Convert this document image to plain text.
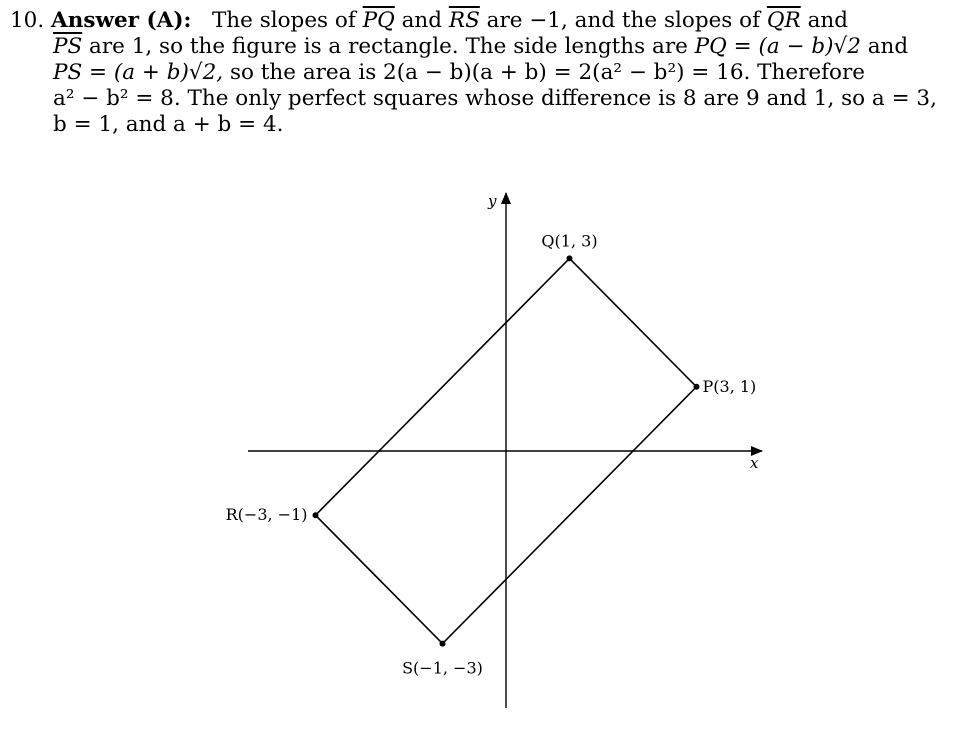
10. Answer (A): The slopes of $\overline{PQ}$ and $\overline{RS}$ are −1, and the slopes of $\overline{QR}$ and
$\overline{PS}$ are 1, so the figure is a rectangle. The side lengths are PQ = (a − b)√2 and
PS = (a + b)√2, so the area is 2(a − b)(a + b) = 2(a² − b²) = 16. Therefore
a² − b² = 8. The only perfect squares whose difference is 8 are 9 and 1, so a = 3,
b = 1, and a + b = 4.
x
y
P(3, 1)
Q(1, 3)
R(−3, −1)
S(−1, −3)
